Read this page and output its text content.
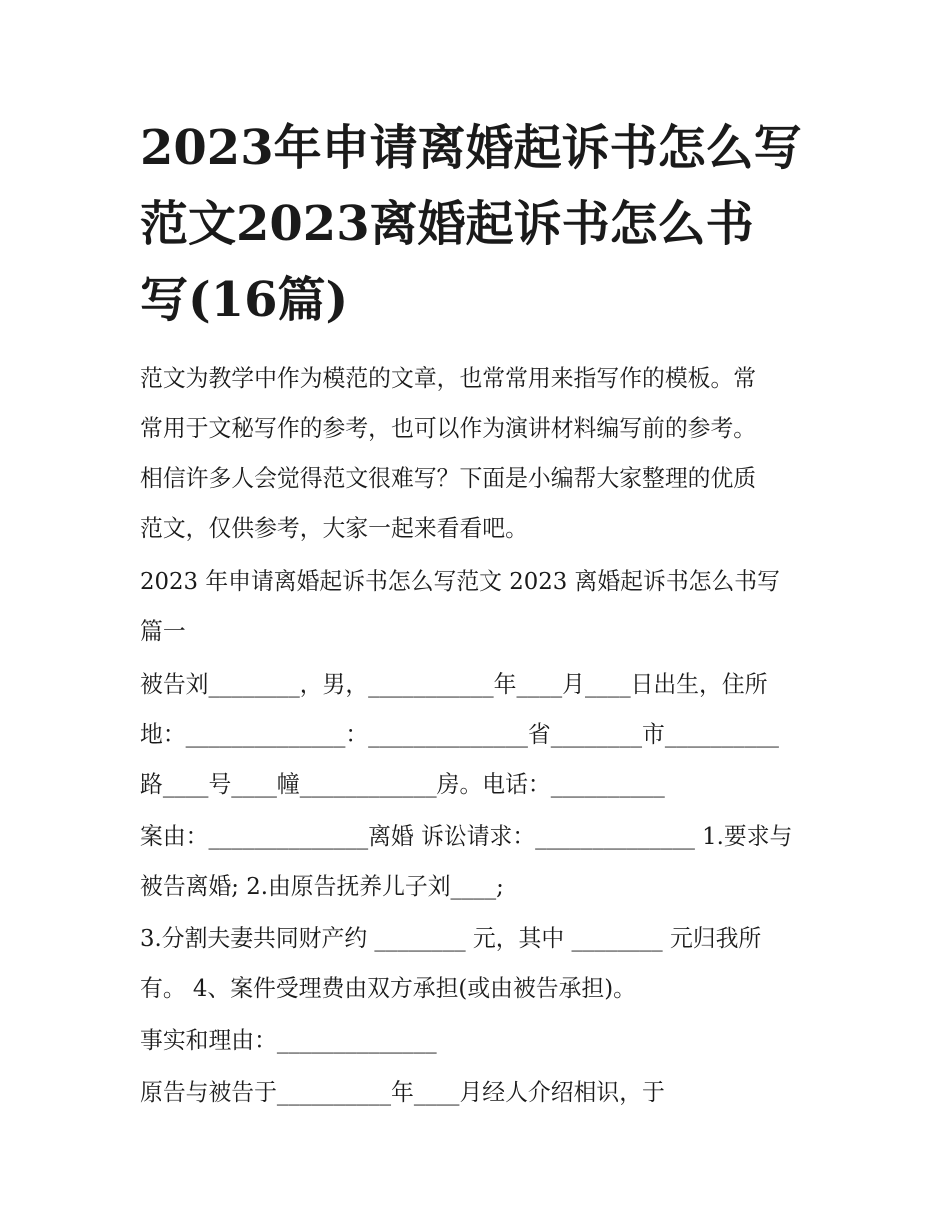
2023年申请离婚起诉书怎么写
范文2023离婚起诉书怎么书
写(16篇)

范文为教学中作为模范的文章，也常常用来指写作的模板。常

常用于文秘写作的参考，也可以作为演讲材料编写前的参考。

相信许多人会觉得范文很难写？下面是小编帮大家整理的优质

范文，仅供参考，大家一起来看看吧。

2023 年申请离婚起诉书怎么写范文 2023 离婚起诉书怎么书写

篇一

被告刘________，男，___________年____月____日出生，住所

地：______________：______________省________市__________

路____号____幢____________房。电话：__________

案由：______________离婚 诉讼请求：______________ 1.要求与

被告离婚; 2.由原告抚养儿子刘____;

3.分割夫妻共同财产约 ________ 元，其中 ________ 元归我所

有。 4、案件受理费由双方承担(或由被告承担)。

事实和理由：______________

原告与被告于__________年____月经人介绍相识，于
